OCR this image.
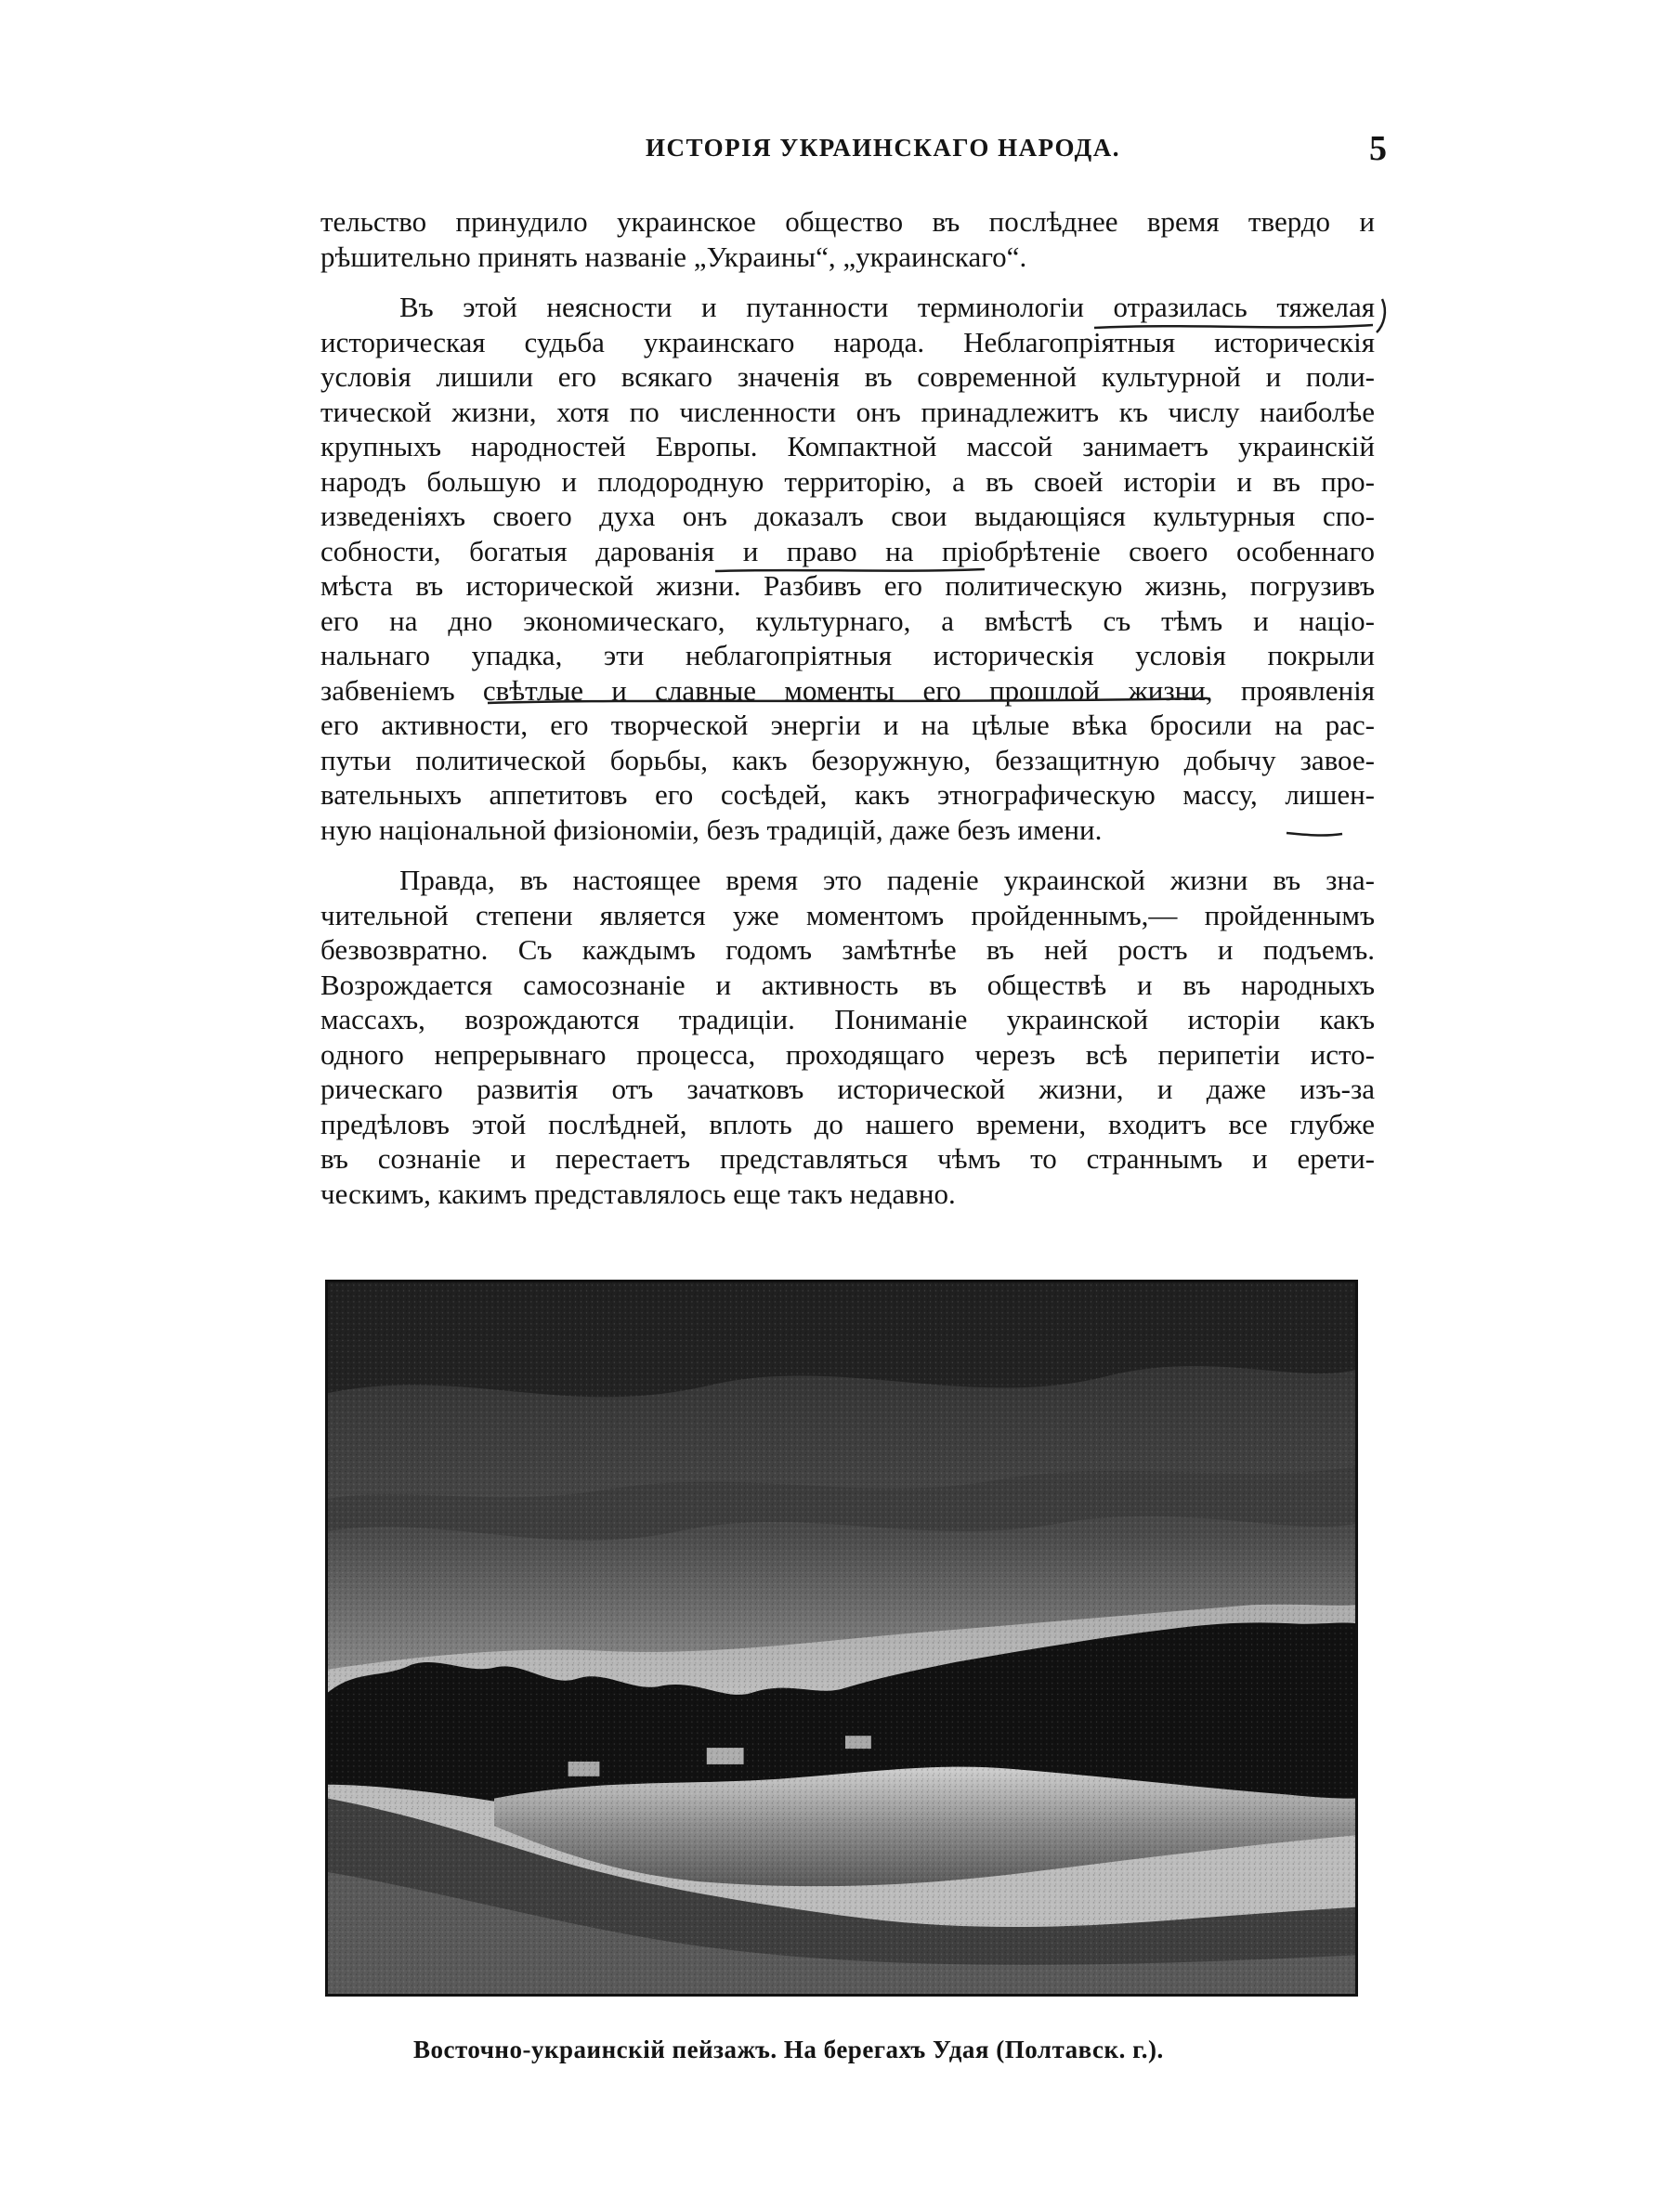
ИСТОРІЯ УКРАИНСКАГО НАРОДА.	5
тельство принудило украинское общество въ послѣднее время твердо и
рѣшительно принять названіе „Украины“, „украинскаго“.
Въ этой неясности и путанности терминологіи отразилась тяжелая
историческая судьба украинскаго народа. Неблагопріятныя историческія
условія лишили его всякаго значенія въ современной культурной и поли-
тической жизни, хотя по численности онъ принадлежитъ къ числу наиболѣе
крупныхъ народностей Европы. Компактной массой занимаетъ украинскій
народъ большую и плодородную территорію, а въ своей исторіи и въ про-
изведеніяхъ своего духа онъ доказалъ свои выдающіяся культурныя спо-
собности, богатыя дарованія и право на пріобрѣтеніе своего особеннаго
мѣста въ исторической жизни. Разбивъ его политическую жизнь, погрузивъ
его на дно экономическаго, культурнаго, а вмѣстѣ съ тѣмъ и націо-
нальнаго упадка, эти неблагопріятныя историческія условія покрыли
забвеніемъ свѣтлые и славные моменты его прошлой жизни, проявленія
его активности, его творческой энергіи и на цѣлые вѣка бросили на рас-
путьи политической борьбы, какъ безоружную, беззащитную добычу завое-
вательныхъ аппетитовъ его сосѣдей, какъ этнографическую массу, лишен-
ную національной физіономіи, безъ традицій, даже безъ имени.
Правда, въ настоящее время это паденіе украинской жизни въ зна-
чительной степени является уже моментомъ пройденнымъ,— пройденнымъ
безвозвратно. Съ каждымъ годомъ замѣтнѣе въ ней ростъ и подъемъ.
Возрождается самосознаніе и активность въ обществѣ и въ народныхъ
массахъ, возрождаются традиціи. Пониманіе украинской исторіи какъ
одного непрерывнаго процесса, проходящаго черезъ всѣ перипетіи исто-
рическаго развитія отъ зачатковъ исторической жизни, и даже изъ-за
предѣловъ этой послѣдней, вплоть до нашего времени, входитъ все глубже
въ сознаніе и перестаетъ представляться чѣмъ то страннымъ и ерети-
ческимъ, какимъ представлялось еще такъ недавно.
Восточно-украинскій пейзажъ. На берегахъ Удая (Полтавск. г.).
